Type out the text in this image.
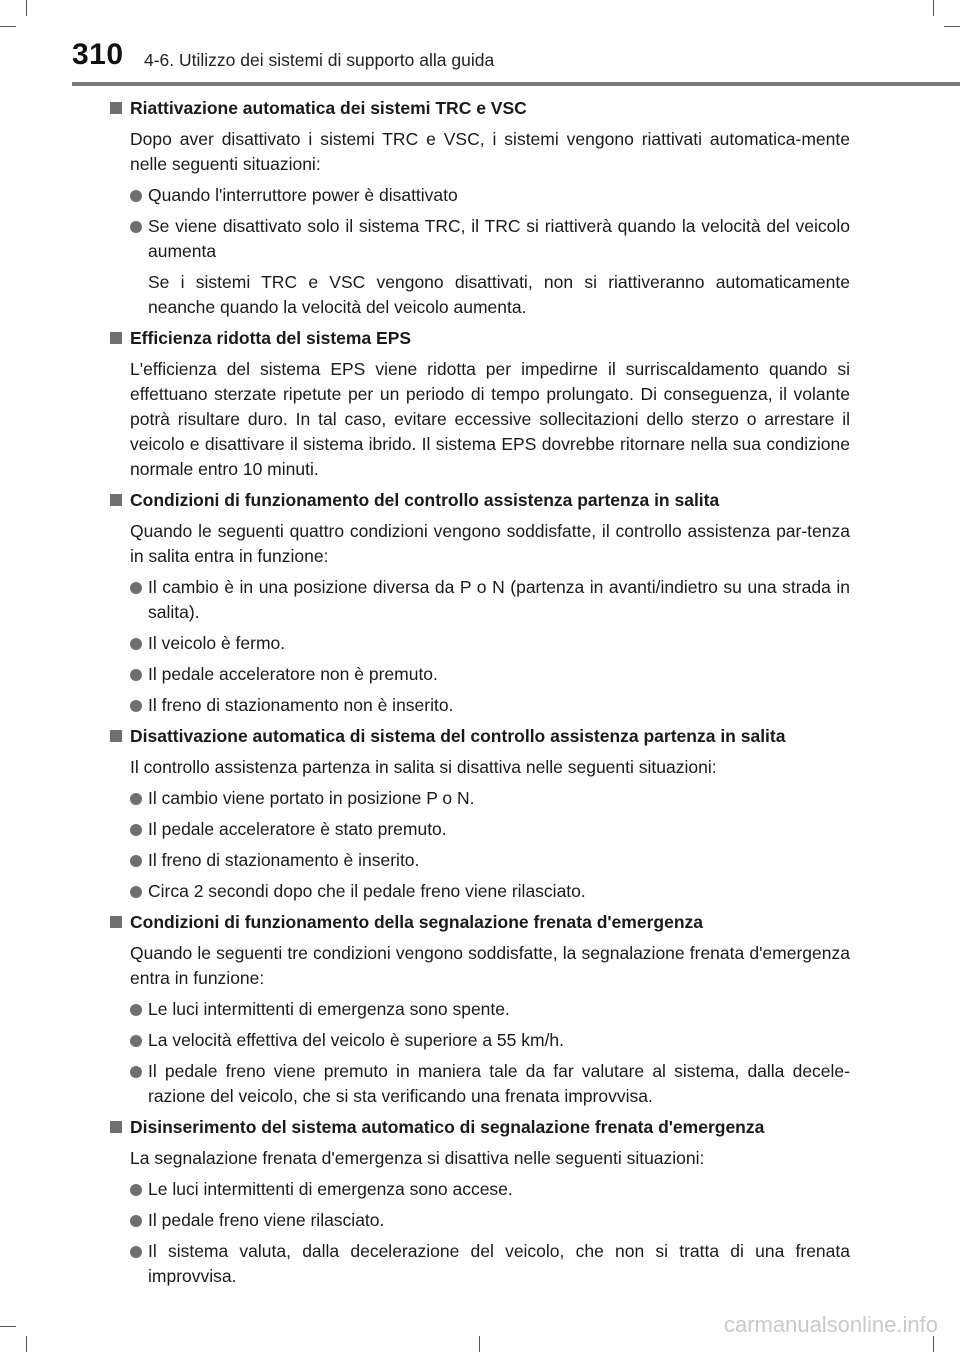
310 4-6. Utilizzo dei sistemi di supporto alla guida
Riattivazione automatica dei sistemi TRC e VSC
Dopo aver disattivato i sistemi TRC e VSC, i sistemi vengono riattivati automatica-mente nelle seguenti situazioni:
Quando l'interruttore power è disattivato
Se viene disattivato solo il sistema TRC, il TRC si riattiverà quando la velocità del veicolo aumenta
Se i sistemi TRC e VSC vengono disattivati, non si riattiveranno automaticamente neanche quando la velocità del veicolo aumenta.
Efficienza ridotta del sistema EPS
L'efficienza del sistema EPS viene ridotta per impedirne il surriscaldamento quando si effettuano sterzate ripetute per un periodo di tempo prolungato. Di conseguenza, il volante potrà risultare duro. In tal caso, evitare eccessive sollecitazioni dello sterzo o arrestare il veicolo e disattivare il sistema ibrido. Il sistema EPS dovrebbe ritornare nella sua condizione normale entro 10 minuti.
Condizioni di funzionamento del controllo assistenza partenza in salita
Quando le seguenti quattro condizioni vengono soddisfatte, il controllo assistenza par-tenza in salita entra in funzione:
Il cambio è in una posizione diversa da P o N (partenza in avanti/indietro su una strada in salita).
Il veicolo è fermo.
Il pedale acceleratore non è premuto.
Il freno di stazionamento non è inserito.
Disattivazione automatica di sistema del controllo assistenza partenza in salita
Il controllo assistenza partenza in salita si disattiva nelle seguenti situazioni:
Il cambio viene portato in posizione P o N.
Il pedale acceleratore è stato premuto.
Il freno di stazionamento è inserito.
Circa 2 secondi dopo che il pedale freno viene rilasciato.
Condizioni di funzionamento della segnalazione frenata d'emergenza
Quando le seguenti tre condizioni vengono soddisfatte, la segnalazione frenata d'emergenza entra in funzione:
Le luci intermittenti di emergenza sono spente.
La velocità effettiva del veicolo è superiore a 55 km/h.
Il pedale freno viene premuto in maniera tale da far valutare al sistema, dalla decele-razione del veicolo, che si sta verificando una frenata improvvisa.
Disinserimento del sistema automatico di segnalazione frenata d'emergenza
La segnalazione frenata d'emergenza si disattiva nelle seguenti situazioni:
Le luci intermittenti di emergenza sono accese.
Il pedale freno viene rilasciato.
Il sistema valuta, dalla decelerazione del veicolo, che non si tratta di una frenata improvvisa.
carmanualsonline.info
